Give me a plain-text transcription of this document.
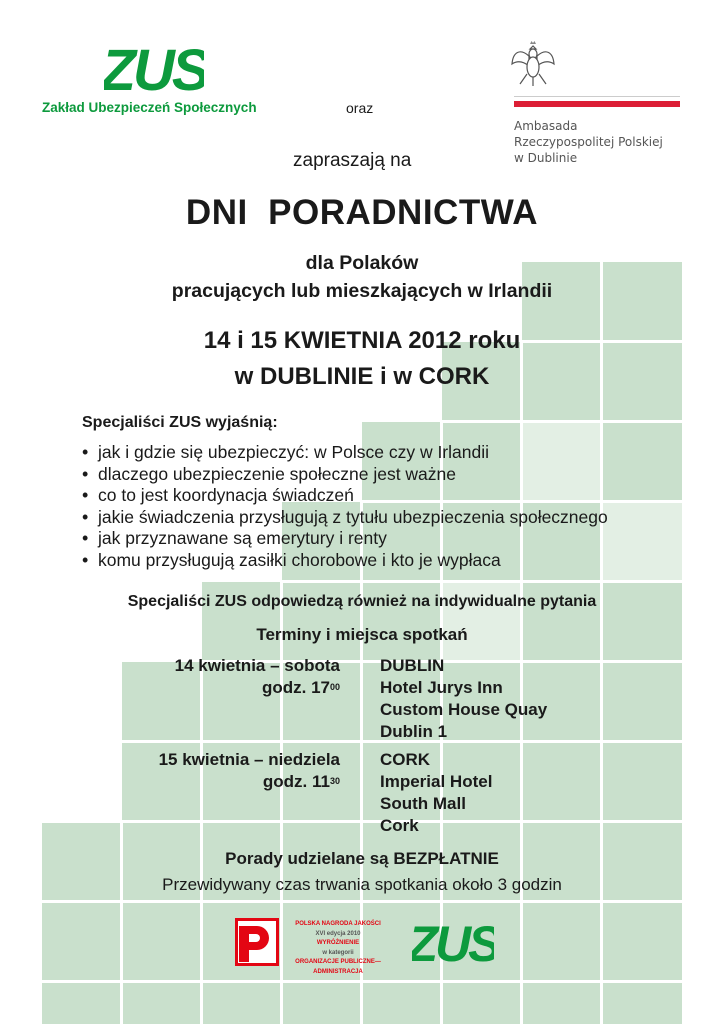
ZUS
Zakład Ubezpieczeń Społecznych	oraz
Ambasada
Rzeczypospolitej Polskiej
w Dublinie
zapraszają na
DNI  PORADNICTWA
dla Polaków
pracujących lub mieszkających w Irlandii
14 i 15 KWIETNIA 2012 roku
w DUBLINIE i w CORK
Specjaliści ZUS wyjaśnią:
• jak i gdzie się ubezpieczyć: w Polsce czy w Irlandii
• dlaczego ubezpieczenie społeczne jest ważne
• co to jest koordynacja świadczeń
• jakie świadczenia przysługują z tytułu ubezpieczenia społecznego
• jak przyznawane są emerytury i renty
• komu przysługują zasiłki chorobowe i kto je wypłaca
Specjaliści ZUS odpowiedzą również na indywidualne pytania
Terminy i miejsca spotkań
14 kwietnia – sobota
godz. $17^{00}$
DUBLIN
Hotel Jurys Inn
Custom House Quay
Dublin 1
15 kwietnia – niedziela
godz. $11^{30}$
CORK
Imperial Hotel
South Mall
Cork
Porady udzielane są BEZPŁATNIE
Przewidywany czas trwania spotkania około 3 godzin
POLSKA NAGRODA JAKOŚCI
XVI edycja 2010
WYRÓŻNIENIE
w kategorii
ORGANIZACJE PUBLICZNE—ADMINISTRACJA ZUS
